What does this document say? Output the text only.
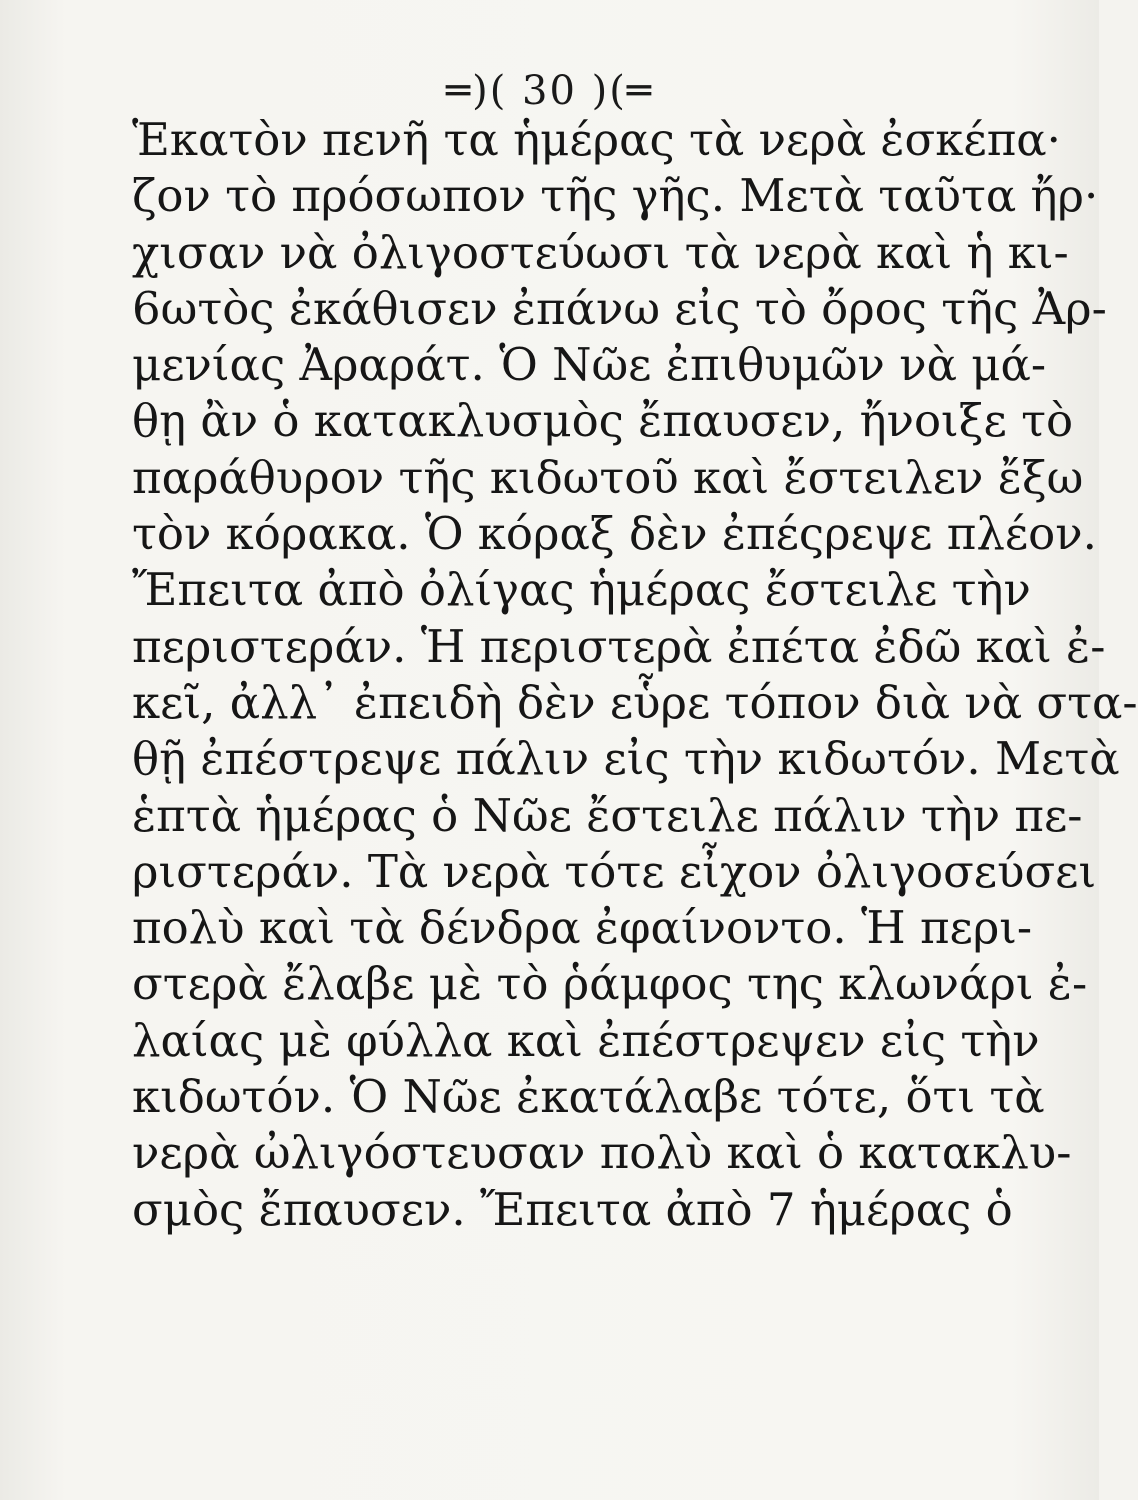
═)( 30 )(═
Ἑκατὸν πενῆ τα ἡμέρας τὰ νερὰ ἐσκέπα·
ζον τὸ πρόσωπον τῆς γῆς. Μετὰ ταῦτα ἤρ·
χισαν νὰ ὀλιγοστεύωσι τὰ νερὰ καὶ ἡ κι-
6ωτὸς ἐκάθισεν ἐπάνω εἰς τὸ ὄρος τῆς Ἀρ-
μενίας Ἀραράτ. Ὁ Νῶε ἐπιθυμῶν νὰ μά-
θῃ ἂν ὁ κατακλυσμὸς ἔπαυσεν, ἤνοιξε τὸ
παράθυρον τῆς κιδωτοῦ καὶ ἔστειλεν ἔξω
τὸν κόρακα. Ὁ κόραξ δὲν ἐπέςρεψε πλέον.
Ἔπειτα ἀπὸ ὀλίγας ἡμέρας ἔστειλε τὴν
περιστεράν. Ἡ περιστερὰ ἐπέτα ἐδῶ καὶ ἐ-
κεῖ, ἀλλ᾽ ἐπειδὴ δὲν εὗρε τόπον διὰ νὰ στα-
θῇ ἐπέστρεψε πάλιν εἰς τὴν κιδωτόν. Μετὰ
ἑπτὰ ἡμέρας ὁ Νῶε ἔστειλε πάλιν τὴν πε-
ριστεράν. Τὰ νερὰ τότε εἶχον ὀλιγοσεύσει
πολὺ καὶ τὰ δένδρα ἐφαίνοντο. Ἡ περι-
στερὰ ἔλαβε μὲ τὸ ῥάμφος της κλωνάρι ἐ-
λαίας μὲ φύλλα καὶ ἐπέστρεψεν εἰς τὴν
κιδωτόν. Ὁ Νῶε ἐκατάλαβε τότε, ὅτι τὰ
νερὰ ὠλιγόστευσαν πολὺ καὶ ὁ κατακλυ-
σμὸς ἔπαυσεν. Ἔπειτα ἀπὸ 7 ἡμέρας ὁ
